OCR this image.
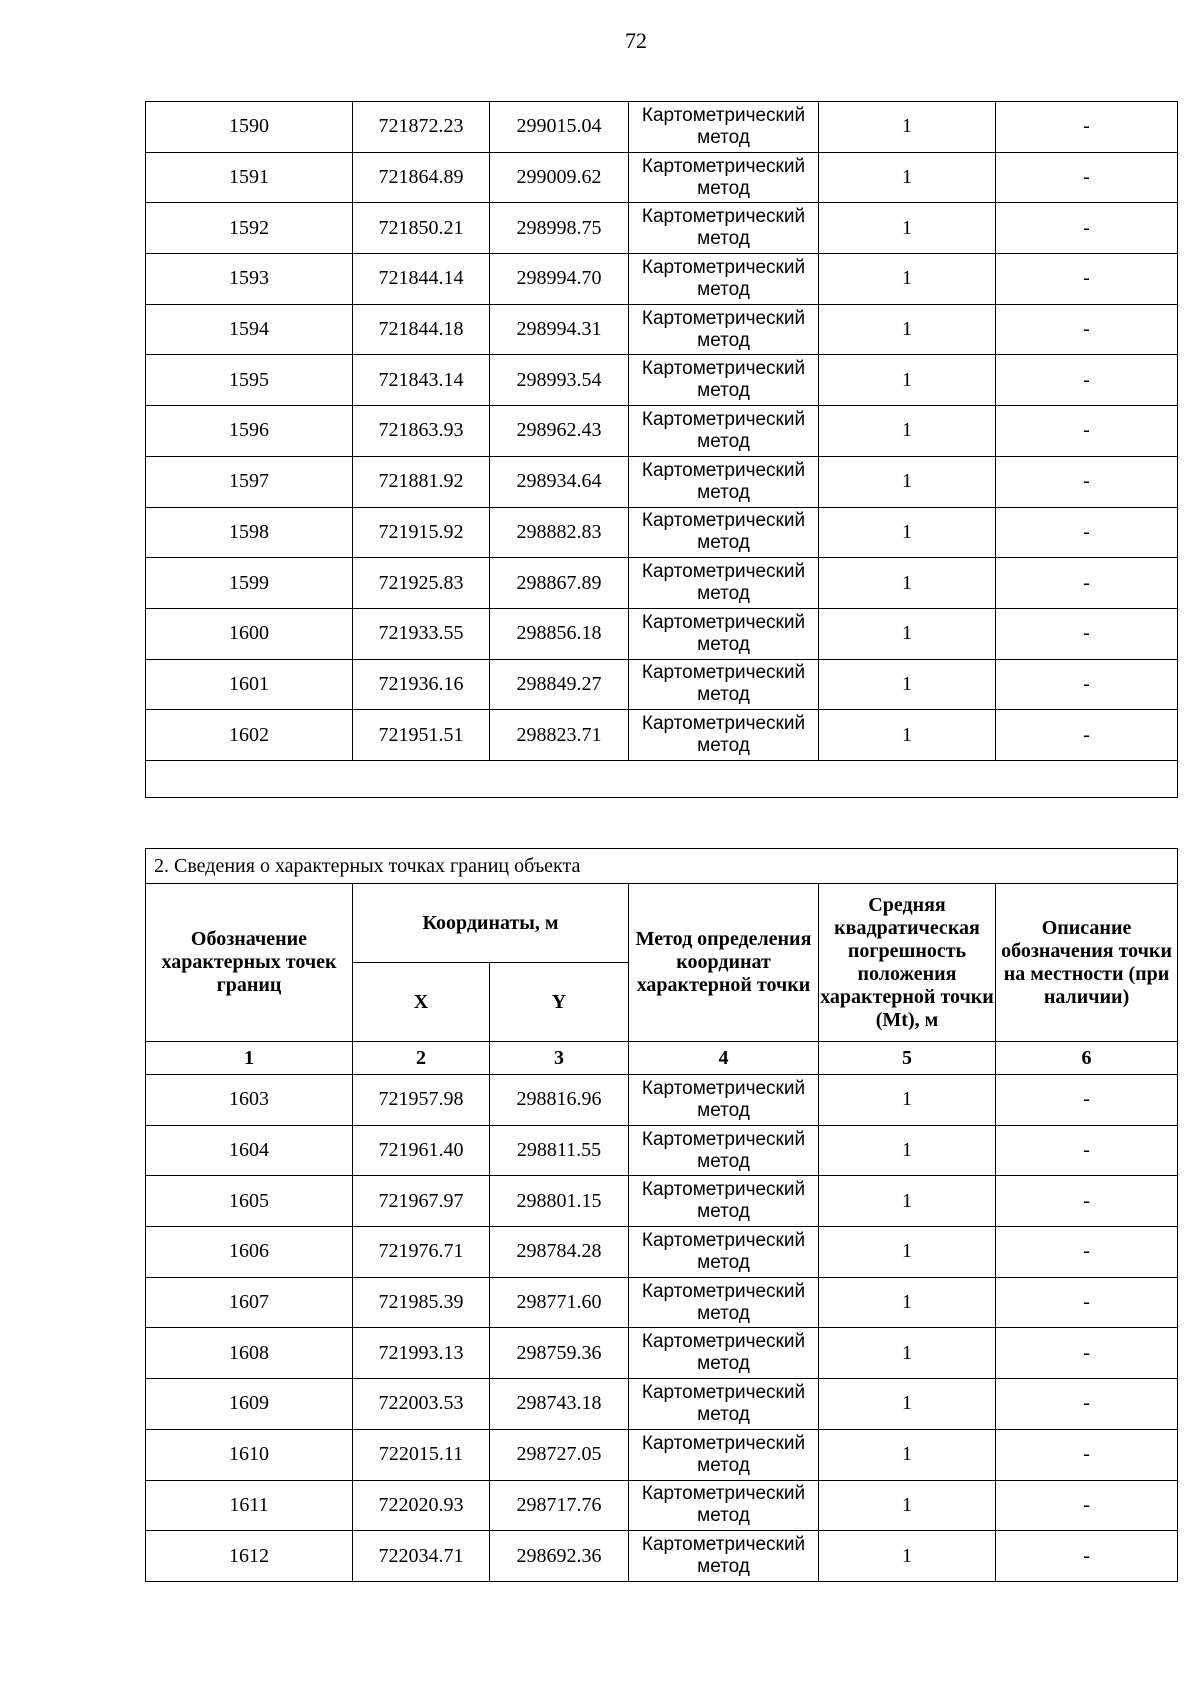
72
1590	721872.23	299015.04	Картометрический метод	1	-
1591	721864.89	299009.62	Картометрический метод	1	-
1592	721850.21	298998.75	Картометрический метод	1	-
1593	721844.14	298994.70	Картометрический метод	1	-
1594	721844.18	298994.31	Картометрический метод	1	-
1595	721843.14	298993.54	Картометрический метод	1	-
1596	721863.93	298962.43	Картометрический метод	1	-
1597	721881.92	298934.64	Картометрический метод	1	-
1598	721915.92	298882.83	Картометрический метод	1	-
1599	721925.83	298867.89	Картометрический метод	1	-
1600	721933.55	298856.18	Картометрический метод	1	-
1601	721936.16	298849.27	Картометрический метод	1	-
1602	721951.51	298823.71	Картометрический метод	1	-

2. Сведения о характерных точках границ объекта					
Обозначение характерных точек границ	Координаты, м		Метод определения координат характерной точки	Средняя квадратическая погрешность положения характерной точки (Mt), м	Описание обозначения точки на местности (при наличии)
	X	Y			
1	2	3	4	5	6
1603	721957.98	298816.96	Картометрический метод	1	-
1604	721961.40	298811.55	Картометрический метод	1	-
1605	721967.97	298801.15	Картометрический метод	1	-
1606	721976.71	298784.28	Картометрический метод	1	-
1607	721985.39	298771.60	Картометрический метод	1	-
1608	721993.13	298759.36	Картометрический метод	1	-
1609	722003.53	298743.18	Картометрический метод	1	-
1610	722015.11	298727.05	Картометрический метод	1	-
1611	722020.93	298717.76	Картометрический метод	1	-
1612	722034.71	298692.36	Картометрический метод	1	-
